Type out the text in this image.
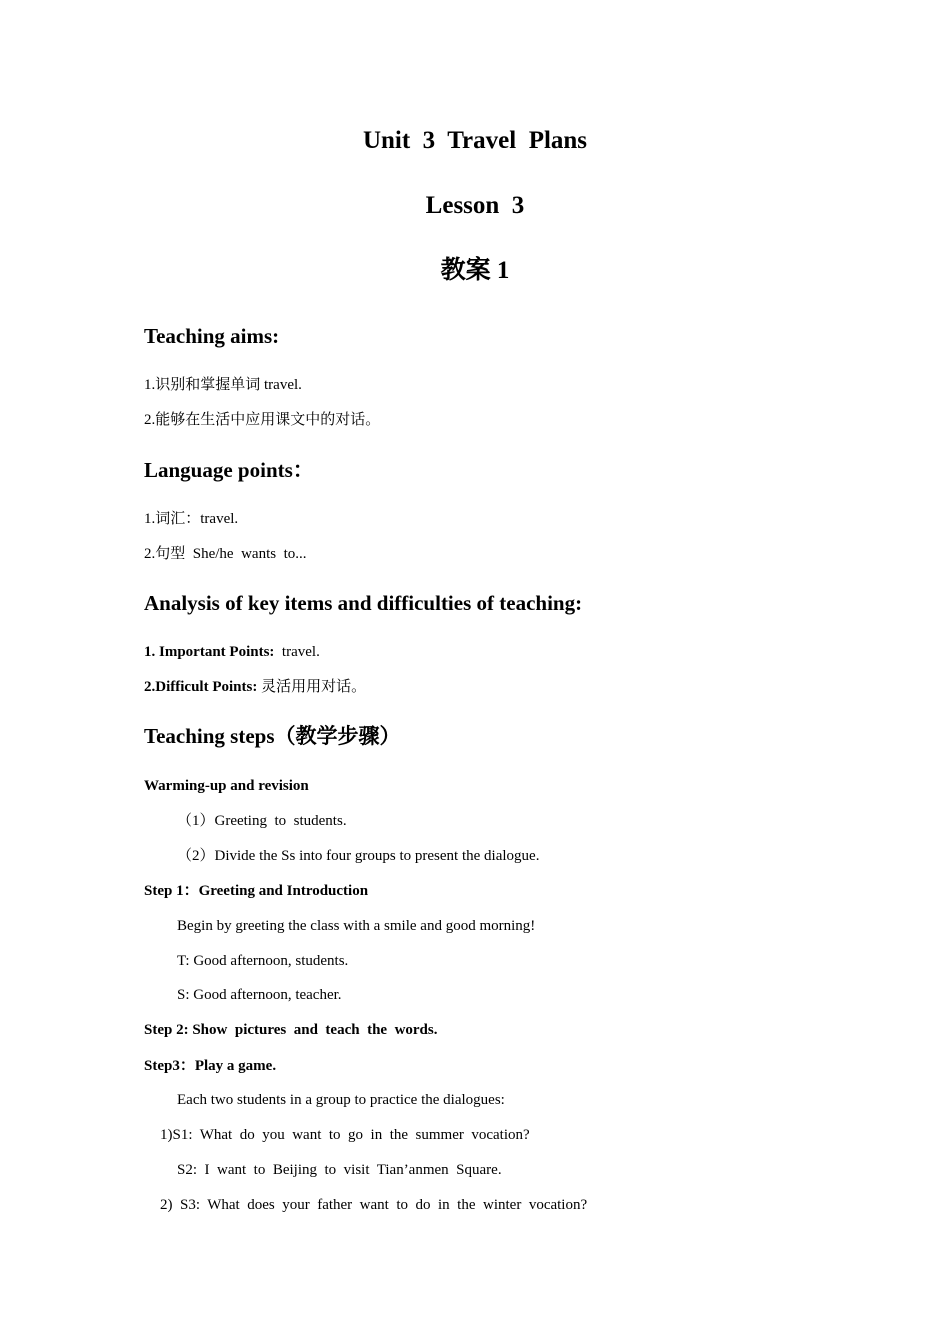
Unit  3  Travel  Plans
Lesson  3
教案 1
Teaching aims:
1.识别和掌握单词 travel.
2.能够在生活中应用课文中的对话。
Language points：
1.词汇：travel.
2.句型  She/he  wants  to...
Analysis of key items and difficulties of teaching:
1. Important Points:  travel.
2.Difficult Points: 灵活用用对话。
Teaching steps（教学步骤）
Warming-up and revision
（1）Greeting  to  students.
（2）Divide the Ss into four groups to present the dialogue.
Step 1：Greeting and Introduction
Begin by greeting the class with a smile and good morning!
T: Good afternoon, students.
S: Good afternoon, teacher.
Step 2: Show  pictures  and  teach  the  words.
Step3：Play a game.
Each two students in a group to practice the dialogues:
1)S1:  What  do  you  want  to  go  in  the  summer  vocation?
S2:  I  want  to  Beijing  to  visit  Tian’anmen  Square.
2)  S3:  What  does  your  father  want  to  do  in  the  winter  vocation?
